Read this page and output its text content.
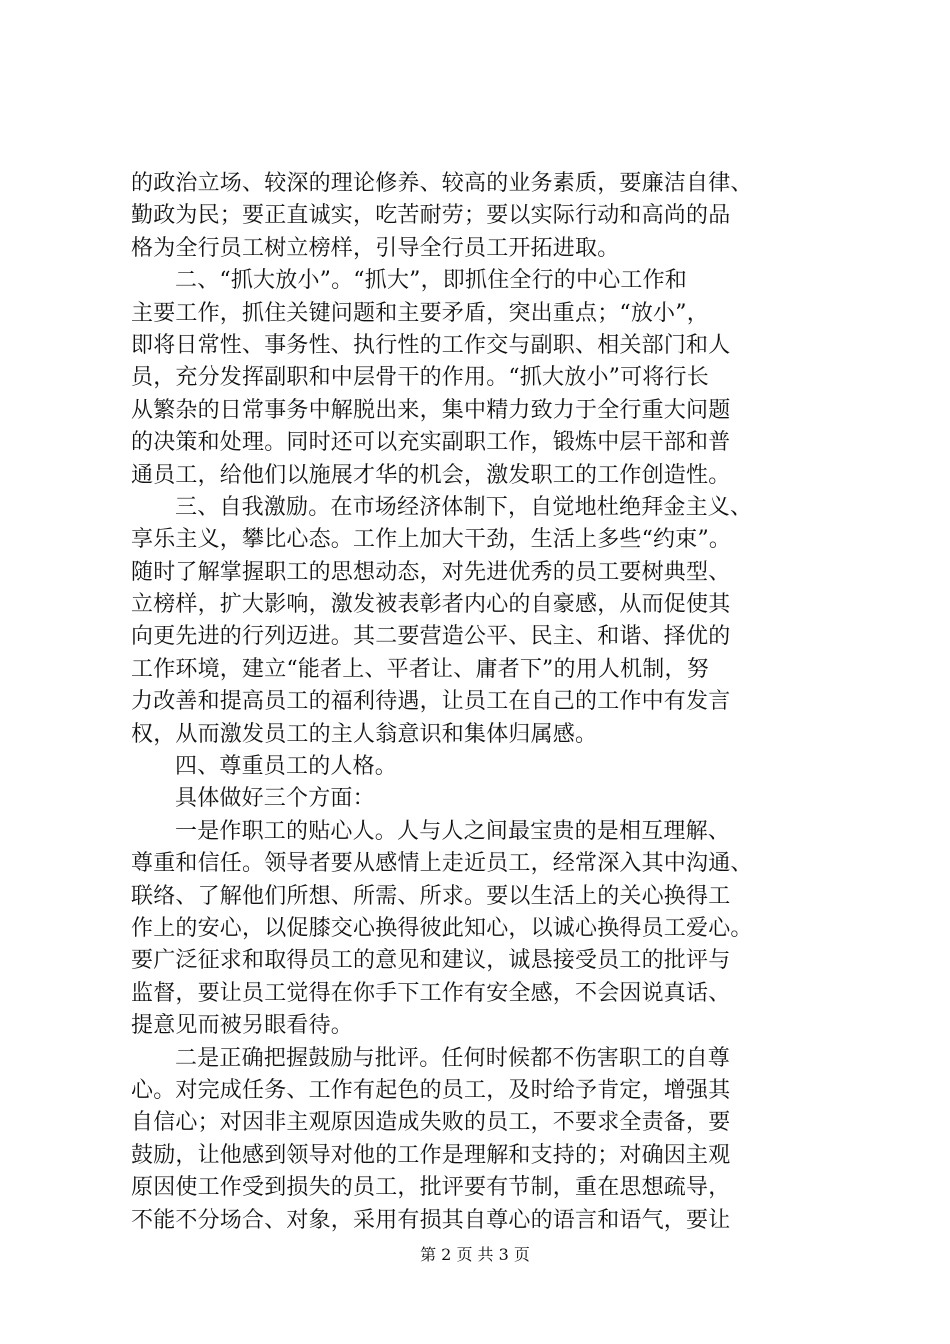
的政治立场、较深的理论修养、较高的业务素质，要廉洁自律、
勤政为民；要正直诚实，吃苦耐劳；要以实际行动和高尚的品
格为全行员工树立榜样，引导全行员工开拓进取。
二、“抓大放小”。“抓大”，即抓住全行的中心工作和
主要工作，抓住关键问题和主要矛盾，突出重点；“放小”，
即将日常性、事务性、执行性的工作交与副职、相关部门和人
员，充分发挥副职和中层骨干的作用。“抓大放小”可将行长
从繁杂的日常事务中解脱出来，集中精力致力于全行重大问题
的决策和处理。同时还可以充实副职工作，锻炼中层干部和普
通员工，给他们以施展才华的机会，激发职工的工作创造性。
三、自我激励。在市场经济体制下，自觉地杜绝拜金主义、
享乐主义，攀比心态。工作上加大干劲，生活上多些“约束”。
随时了解掌握职工的思想动态，对先进优秀的员工要树典型、
立榜样，扩大影响，激发被表彰者内心的自豪感，从而促使其
向更先进的行列迈进。其二要营造公平、民主、和谐、择优的
工作环境，建立“能者上、平者让、庸者下”的用人机制，努
力改善和提高员工的福利待遇，让员工在自己的工作中有发言
权，从而激发员工的主人翁意识和集体归属感。
四、尊重员工的人格。
具体做好三个方面：
一是作职工的贴心人。人与人之间最宝贵的是相互理解、
尊重和信任。领导者要从感情上走近员工，经常深入其中沟通、
联络、了解他们所想、所需、所求。要以生活上的关心换得工
作上的安心，以促膝交心换得彼此知心，以诚心换得员工爱心。
要广泛征求和取得员工的意见和建议，诚恳接受员工的批评与
监督，要让员工觉得在你手下工作有安全感，不会因说真话、
提意见而被另眼看待。
二是正确把握鼓励与批评。任何时候都不伤害职工的自尊
心。对完成任务、工作有起色的员工，及时给予肯定，增强其
自信心；对因非主观原因造成失败的员工，不要求全责备，要
鼓励，让他感到领导对他的工作是理解和支持的；对确因主观
原因使工作受到损失的员工，批评要有节制，重在思想疏导，
不能不分场合、对象，采用有损其自尊心的语言和语气，要让
第 2 页 共 3 页
